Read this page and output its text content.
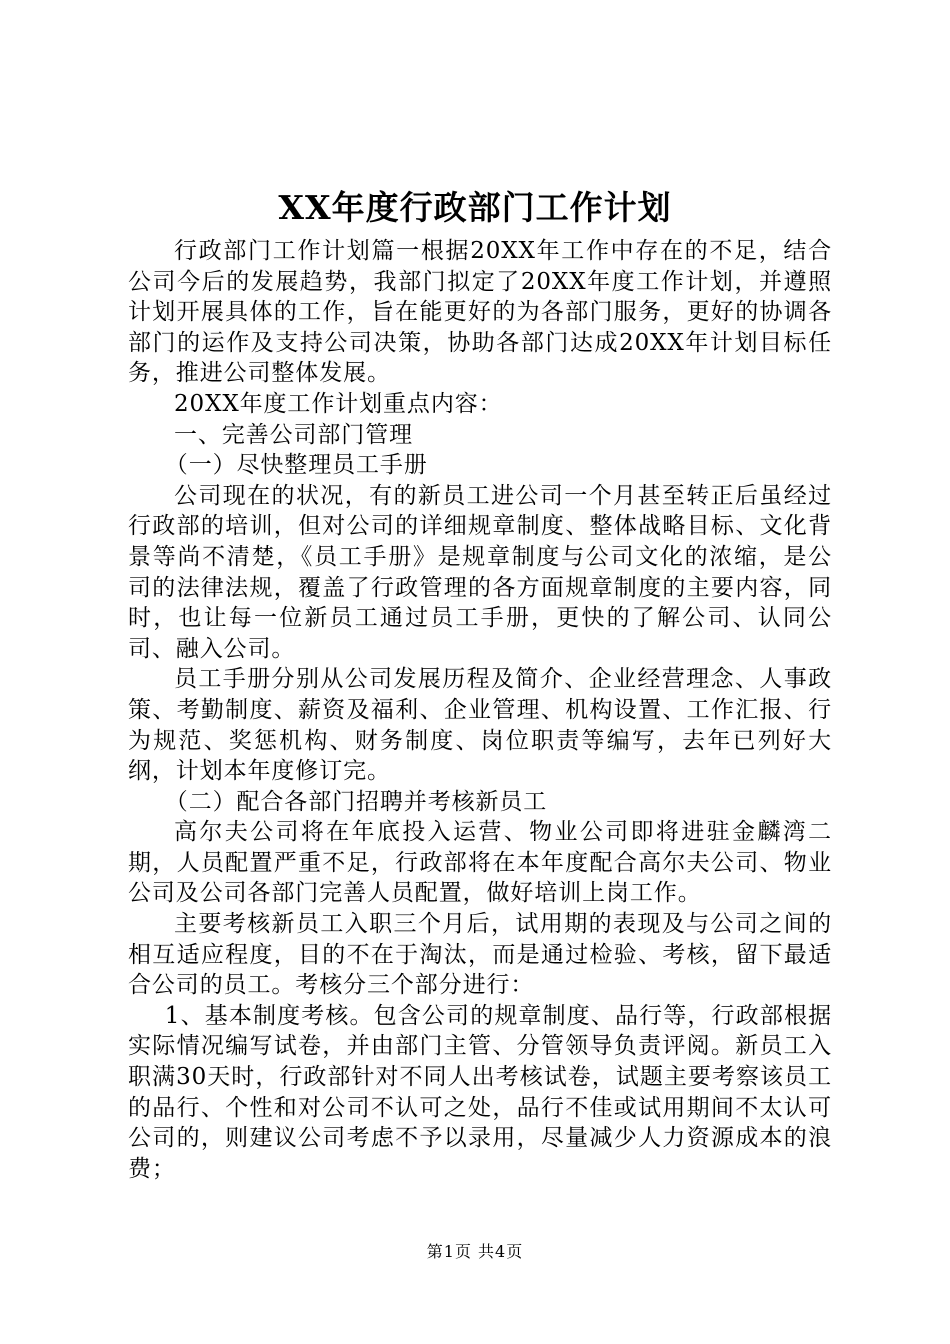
XX年度行政部门工作计划

行政部门工作计划篇一根据20XX年工作中存在的不足，结合公司今后的发展趋势，我部门拟定了20XX年度工作计划，并遵照计划开展具体的工作，旨在能更好的为各部门服务，更好的协调各部门的运作及支持公司决策，协助各部门达成20XX年计划目标任务，推进公司整体发展。

20XX年度工作计划重点内容：

一、完善公司部门管理

（一）尽快整理员工手册

公司现在的状况，有的新员工进公司一个月甚至转正后虽经过行政部的培训，但对公司的详细规章制度、整体战略目标、文化背景等尚不清楚，《员工手册》是规章制度与公司文化的浓缩，是公司的法律法规，覆盖了行政管理的各方面规章制度的主要内容，同时，也让每一位新员工通过员工手册，更快的了解公司、认同公司、融入公司。

员工手册分别从公司发展历程及简介、企业经营理念、人事政策、考勤制度、薪资及福利、企业管理、机构设置、工作汇报、行为规范、奖惩机构、财务制度、岗位职责等编写，去年已列好大纲，计划本年度修订完。

（二）配合各部门招聘并考核新员工

高尔夫公司将在年底投入运营、物业公司即将进驻金麟湾二期，人员配置严重不足，行政部将在本年度配合高尔夫公司、物业公司及公司各部门完善人员配置，做好培训上岗工作。

主要考核新员工入职三个月后，试用期的表现及与公司之间的相互适应程度，目的不在于淘汰，而是通过检验、考核，留下最适合公司的员工。考核分三个部分进行：

1、基本制度考核。包含公司的规章制度、品行等，行政部根据实际情况编写试卷，并由部门主管、分管领导负责评阅。新员工入职满30天时，行政部针对不同人出考核试卷，试题主要考察该员工的品行、个性和对公司不认可之处，品行不佳或试用期间不太认可公司的，则建议公司考虑不予以录用，尽量减少人力资源成本的浪费；

第1页 共4页
